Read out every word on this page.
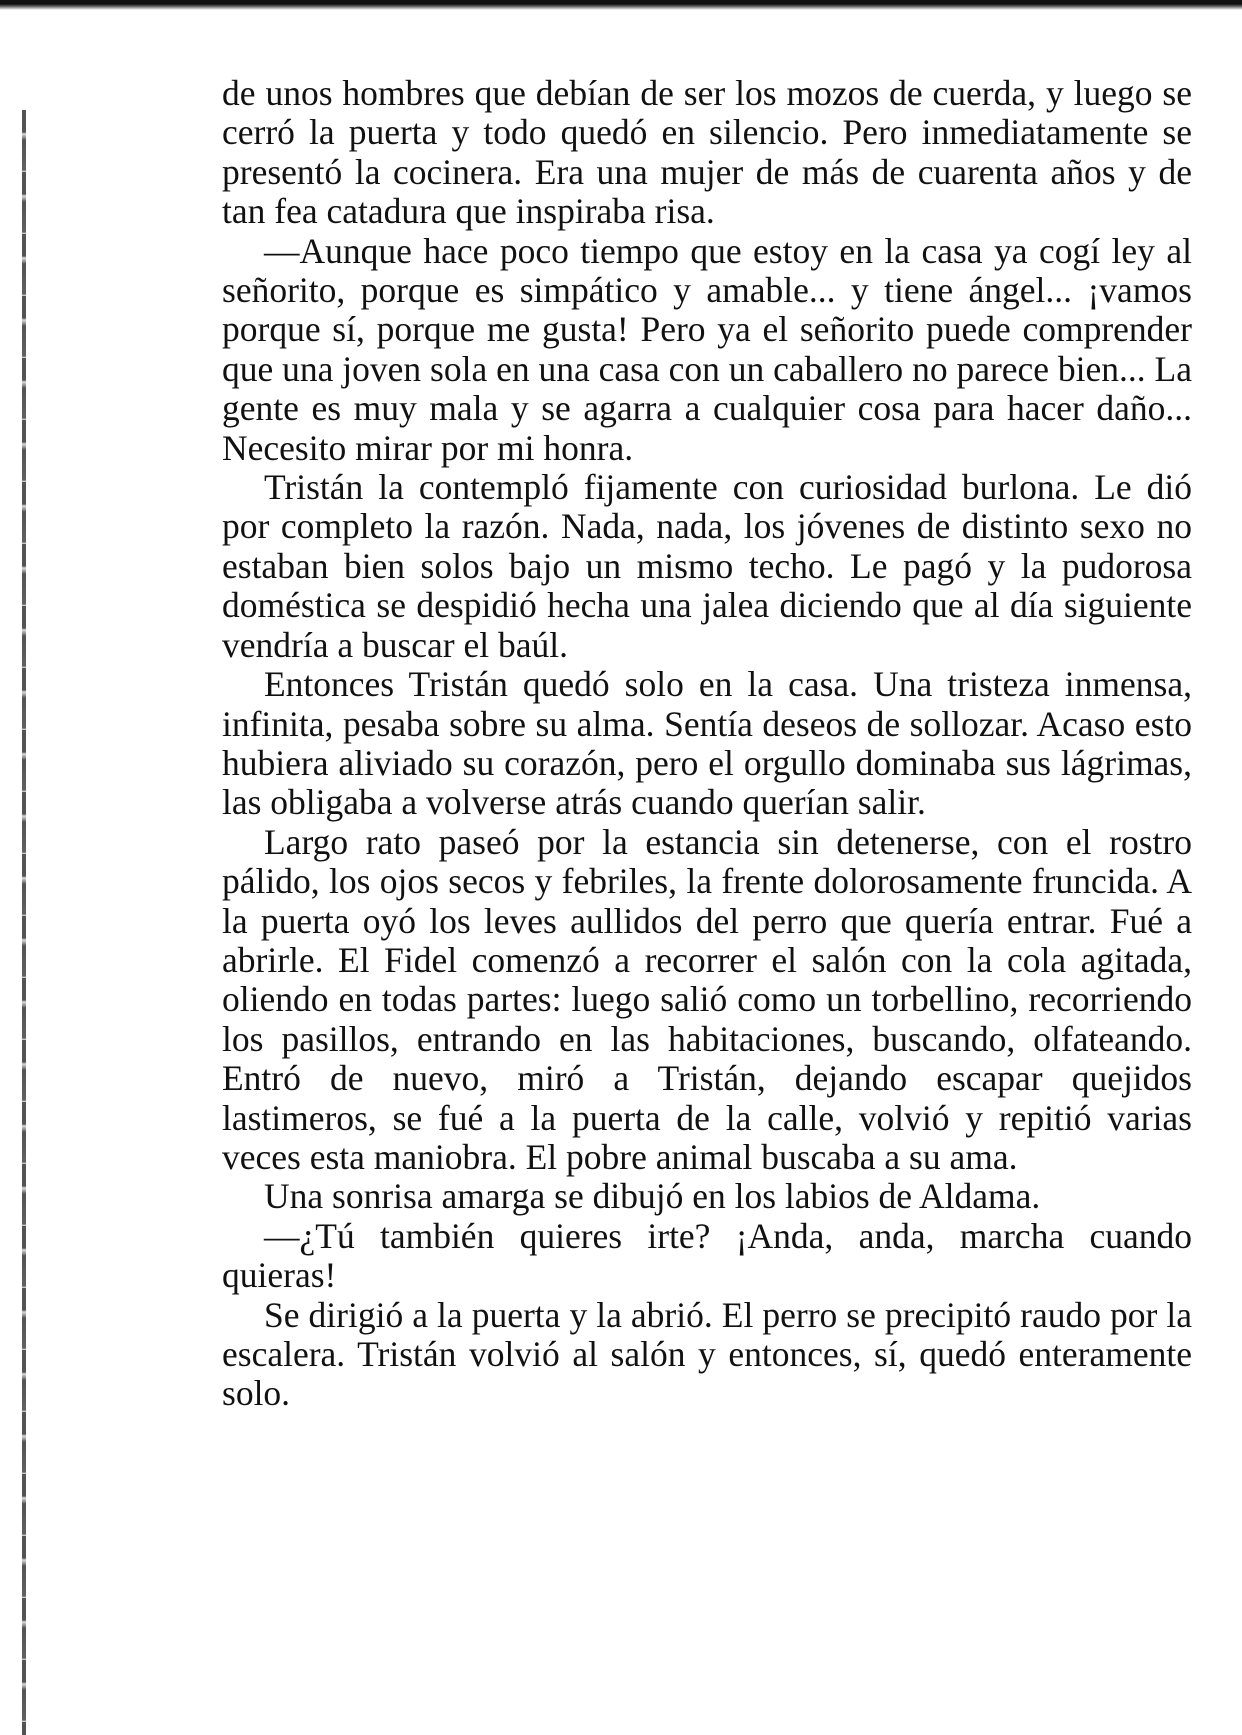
de unos hombres que debían de ser los mozos de cuerda, y luego se cerró la puerta y todo quedó en silencio. Pero inmediatamente se presentó la cocinera. Era una mujer de más de cuarenta años y de tan fea catadura que inspiraba risa.

—Aunque hace poco tiempo que estoy en la casa ya cogí ley al señorito, porque es simpático y amable... y tiene ángel... ¡vamos porque sí, porque me gusta! Pero ya el señorito puede comprender que una joven sola en una casa con un caballero no parece bien... La gente es muy mala y se agarra a cualquier cosa para hacer daño... Necesito mirar por mi honra.

Tristán la contempló fijamente con curiosidad burlona. Le dió por completo la razón. Nada, nada, los jóvenes de distinto sexo no estaban bien solos bajo un mismo techo. Le pagó y la pudorosa doméstica se despidió hecha una jalea diciendo que al día siguiente vendría a buscar el baúl.

Entonces Tristán quedó solo en la casa. Una tristeza inmensa, infinita, pesaba sobre su alma. Sentía deseos de sollozar. Acaso esto hubiera aliviado su corazón, pero el orgullo dominaba sus lágrimas, las obligaba a volverse atrás cuando querían salir.

Largo rato paseó por la estancia sin detenerse, con el rostro pálido, los ojos secos y febriles, la frente dolorosamente fruncida. A la puerta oyó los leves aullidos del perro que quería entrar. Fué a abrirle. El Fidel comenzó a recorrer el salón con la cola agitada, oliendo en todas partes: luego salió como un torbellino, recorriendo los pasillos, entrando en las habitaciones, buscando, olfateando. Entró de nuevo, miró a Tristán, dejando escapar quejidos lastimeros, se fué a la puerta de la calle, volvió y repitió varias veces esta maniobra. El pobre animal buscaba a su ama.

Una sonrisa amarga se dibujó en los labios de Aldama.

—¿Tú también quieres irte? ¡Anda, anda, marcha cuando quieras!

Se dirigió a la puerta y la abrió. El perro se precipitó raudo por la escalera. Tristán volvió al salón y entonces, sí, quedó enteramente solo.
